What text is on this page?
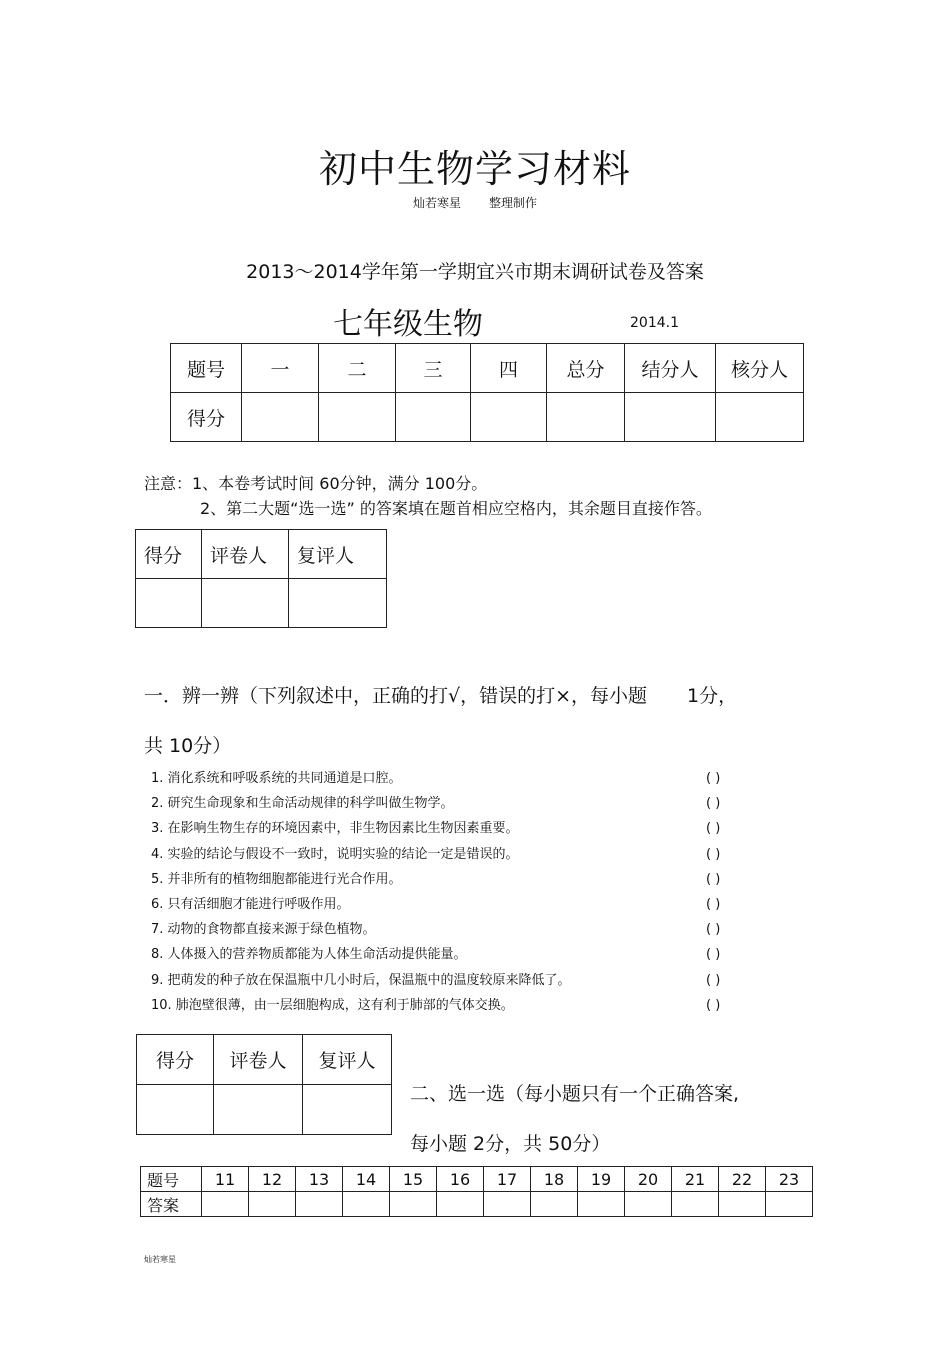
初中生物学习材料
灿若寒星 整理制作
2013～2014学年第一学期宜兴市期末调研试卷及答案
七年级生物	2014.1
题号	一	二	三	四	总分	结分人	核分人
得分							
注意：1、本卷考试时间 60分钟，满分 100分。
2、第二大题“选一选” 的答案填在题首相应空格内，其余题目直接作答。
得分	评卷人	复评人

一．辨一辨（下列叙述中，正确的打√，错误的打×，每小题 1分，
共 10分）
1. 消化系统和呼吸系统的共同通道是口腔。	( )
2. 研究生命现象和生命活动规律的科学叫做生物学。	( )
3. 在影响生物生存的环境因素中，非生物因素比生物因素重要。	( )
4. 实验的结论与假设不一致时，说明实验的结论一定是错误的。	( )
5. 并非所有的植物细胞都能进行光合作用。	( )
6. 只有活细胞才能进行呼吸作用。	( )
7. 动物的食物都直接来源于绿色植物。	( )
8. 人体摄入的营养物质都能为人体生命活动提供能量。	( )
9. 把萌发的种子放在保温瓶中几小时后，保温瓶中的温度较原来降低了。	( )
10. 肺泡壁很薄，由一层细胞构成，这有利于肺部的气体交换。	( )
得分	评卷人	复评人

二、选一选（每小题只有一个正确答案,
每小题 2分，共 50分）
题号	11	12	13	14	15	16	17	18	19	20	21	22	23
答案													
灿若寒星
